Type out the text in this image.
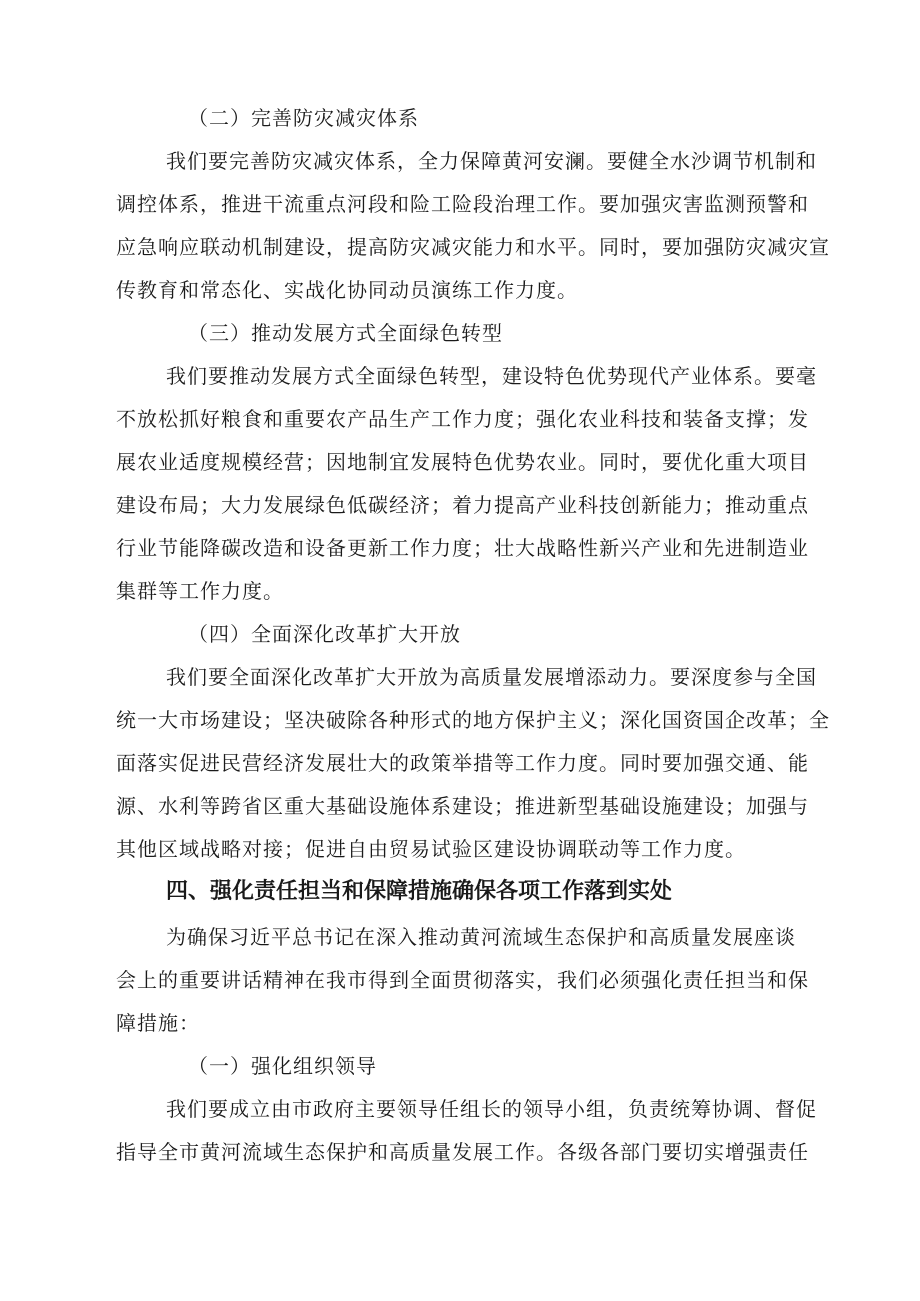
（二）完善防灾减灾体系
我们要完善防灾减灾体系，全力保障黄河安澜。要健全水沙调节机制和
调控体系，推进干流重点河段和险工险段治理工作。要加强灾害监测预警和
应急响应联动机制建设，提高防灾减灾能力和水平。同时，要加强防灾减灾宣
传教育和常态化、实战化协同动员演练工作力度。
（三）推动发展方式全面绿色转型
我们要推动发展方式全面绿色转型，建设特色优势现代产业体系。要毫
不放松抓好粮食和重要农产品生产工作力度；强化农业科技和装备支撑；发
展农业适度规模经营；因地制宜发展特色优势农业。同时，要优化重大项目
建设布局；大力发展绿色低碳经济；着力提高产业科技创新能力；推动重点
行业节能降碳改造和设备更新工作力度；壮大战略性新兴产业和先进制造业
集群等工作力度。
（四）全面深化改革扩大开放
我们要全面深化改革扩大开放为高质量发展增添动力。要深度参与全国
统一大市场建设；坚决破除各种形式的地方保护主义；深化国资国企改革；全
面落实促进民营经济发展壮大的政策举措等工作力度。同时要加强交通、能
源、水利等跨省区重大基础设施体系建设；推进新型基础设施建设；加强与
其他区域战略对接；促进自由贸易试验区建设协调联动等工作力度。
四、强化责任担当和保障措施确保各项工作落到实处
为确保习近平总书记在深入推动黄河流域生态保护和高质量发展座谈
会上的重要讲话精神在我市得到全面贯彻落实，我们必须强化责任担当和保
障措施：
（一）强化组织领导
我们要成立由市政府主要领导任组长的领导小组，负责统筹协调、督促
指导全市黄河流域生态保护和高质量发展工作。各级各部门要切实增强责任
